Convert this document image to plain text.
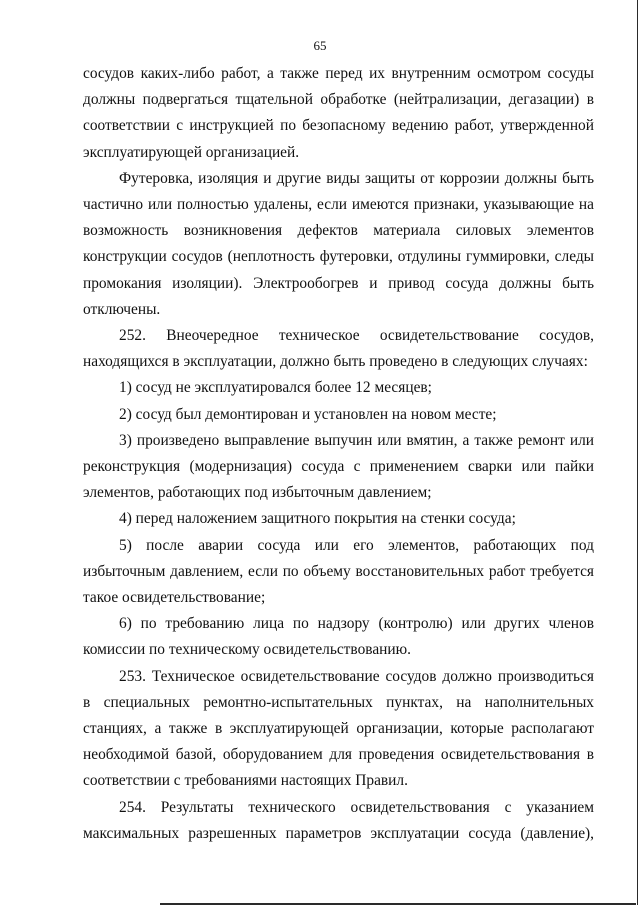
65

сосудов каких-либо работ, а также перед их внутренним осмотром сосуды должны подвергаться тщательной обработке (нейтрализации, дегазации) в соответствии с инструкцией по безопасному ведению работ, утвержденной эксплуатирующей организацией.

Футеровка, изоляция и другие виды защиты от коррозии должны быть частично или полностью удалены, если имеются признаки, указывающие на возможность возникновения дефектов материала силовых элементов конструкции сосудов (неплотность футеровки, отдулины гуммировки, следы промокания изоляции). Электрообогрев и привод сосуда должны быть отключены.

252. Внеочередное техническое освидетельствование сосудов, находящихся в эксплуатации, должно быть проведено в следующих случаях:

1) сосуд не эксплуатировался более 12 месяцев;

2) сосуд был демонтирован и установлен на новом месте;

3) произведено выправление выпучин или вмятин, а также ремонт или реконструкция (модернизация) сосуда с применением сварки или пайки элементов, работающих под избыточным давлением;

4) перед наложением защитного покрытия на стенки сосуда;

5) после аварии сосуда или его элементов, работающих под избыточным давлением, если по объему восстановительных работ требуется такое освидетельствование;

6) по требованию лица по надзору (контролю) или других членов комиссии по техническому освидетельствованию.

253. Техническое освидетельствование сосудов должно производиться в специальных ремонтно-испытательных пунктах, на наполнительных станциях, а также в эксплуатирующей организации, которые располагают необходимой базой, оборудованием для проведения освидетельствования в соответствии с требованиями настоящих Правил.

254. Результаты технического освидетельствования с указанием максимальных разрешенных параметров эксплуатации сосуда (давление),
